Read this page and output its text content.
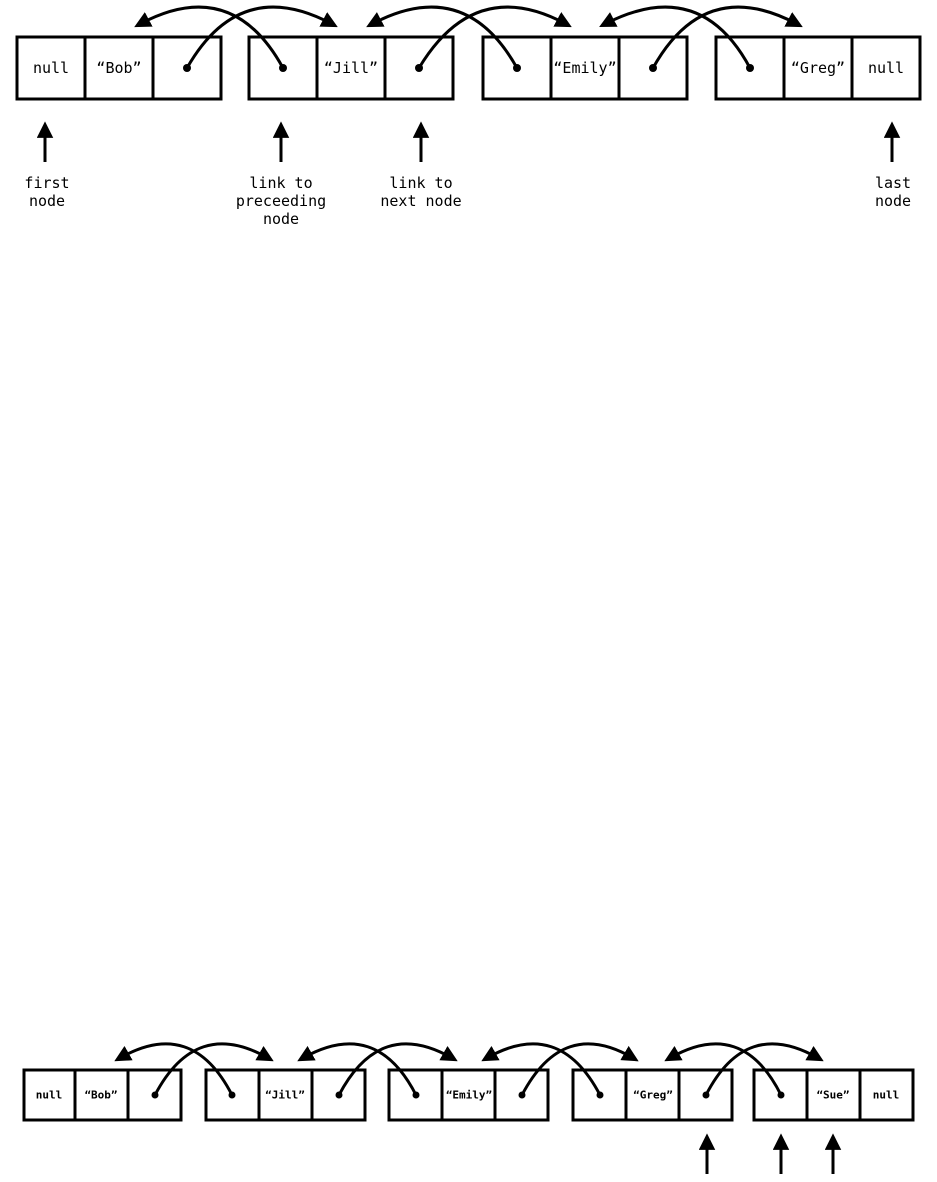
null “Bob”	“Jill”	“Emily”	“Greg” null
first
node
link to
preceeding
node
link to
next node
last
node
null “Bob”	“Jill”	“Emily”	“Greg”	“Sue” null
